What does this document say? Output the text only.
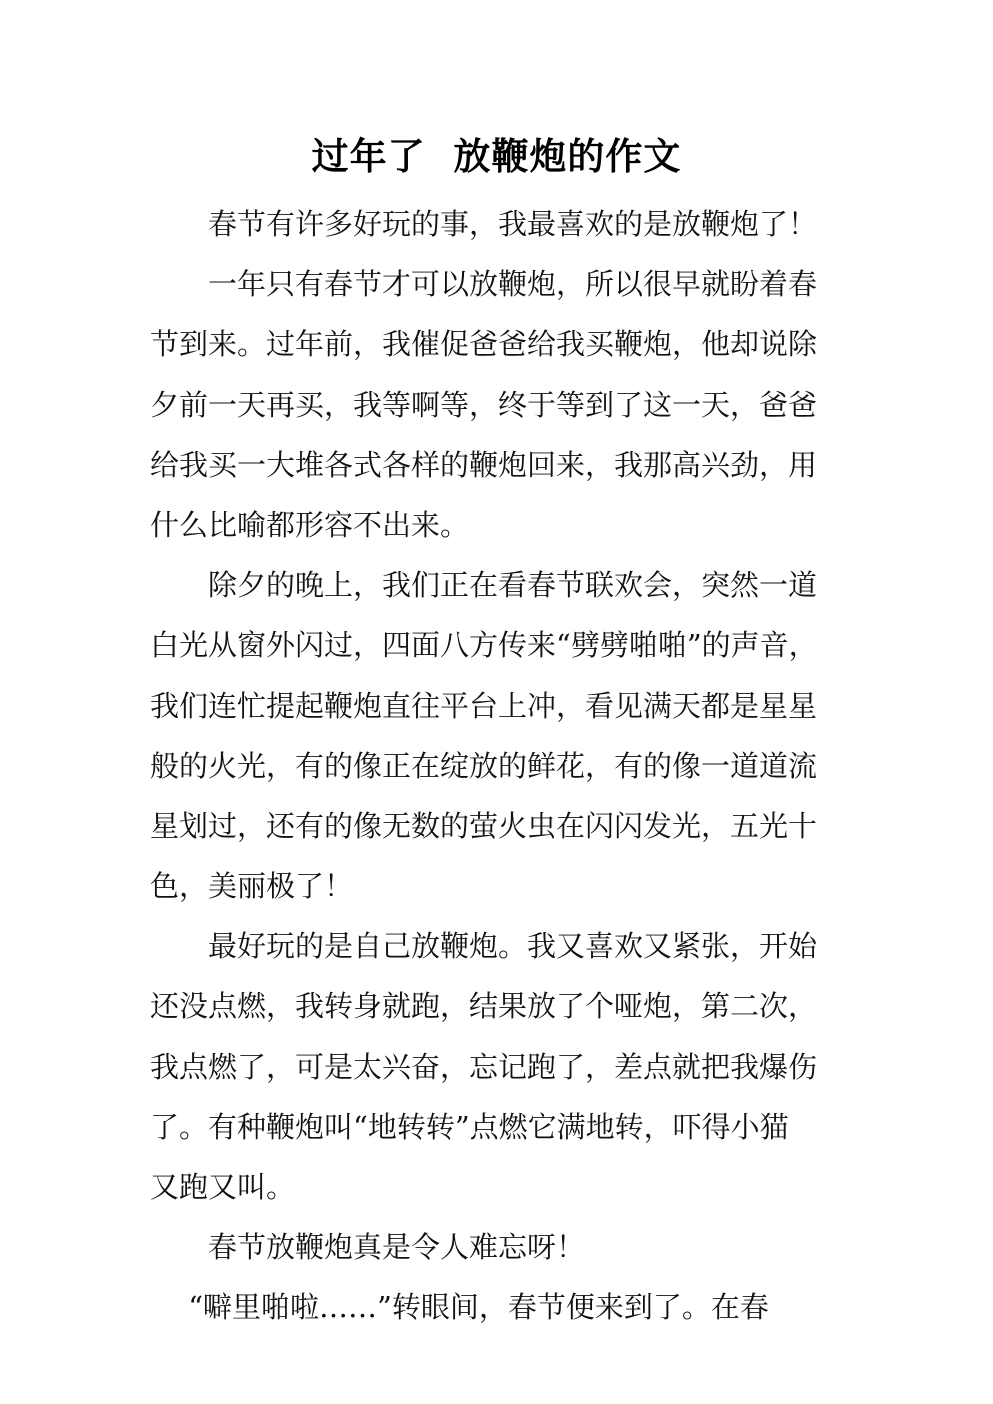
过年了  放鞭炮的作文
　　春节有许多好玩的事，我最喜欢的是放鞭炮了！
　　一年只有春节才可以放鞭炮，所以很早就盼着春
节到来。过年前，我催促爸爸给我买鞭炮，他却说除
夕前一天再买，我等啊等，终于等到了这一天，爸爸
给我买一大堆各式各样的鞭炮回来，我那高兴劲，用
什么比喻都形容不出来。
　　除夕的晚上，我们正在看春节联欢会，突然一道
白光从窗外闪过，四面八方传来“劈劈啪啪”的声音，
我们连忙提起鞭炮直往平台上冲，看见满天都是星星
般的火光，有的像正在绽放的鲜花，有的像一道道流
星划过，还有的像无数的萤火虫在闪闪发光，五光十
色，美丽极了！
　　最好玩的是自己放鞭炮。我又喜欢又紧张，开始
还没点燃，我转身就跑，结果放了个哑炮，第二次，
我点燃了，可是太兴奋，忘记跑了，差点就把我爆伤
了。有种鞭炮叫“地转转”点燃它满地转，吓得小猫
又跑又叫。
　　春节放鞭炮真是令人难忘呀！
　 “噼里啪啦……”转眼间，春节便来到了。在春
